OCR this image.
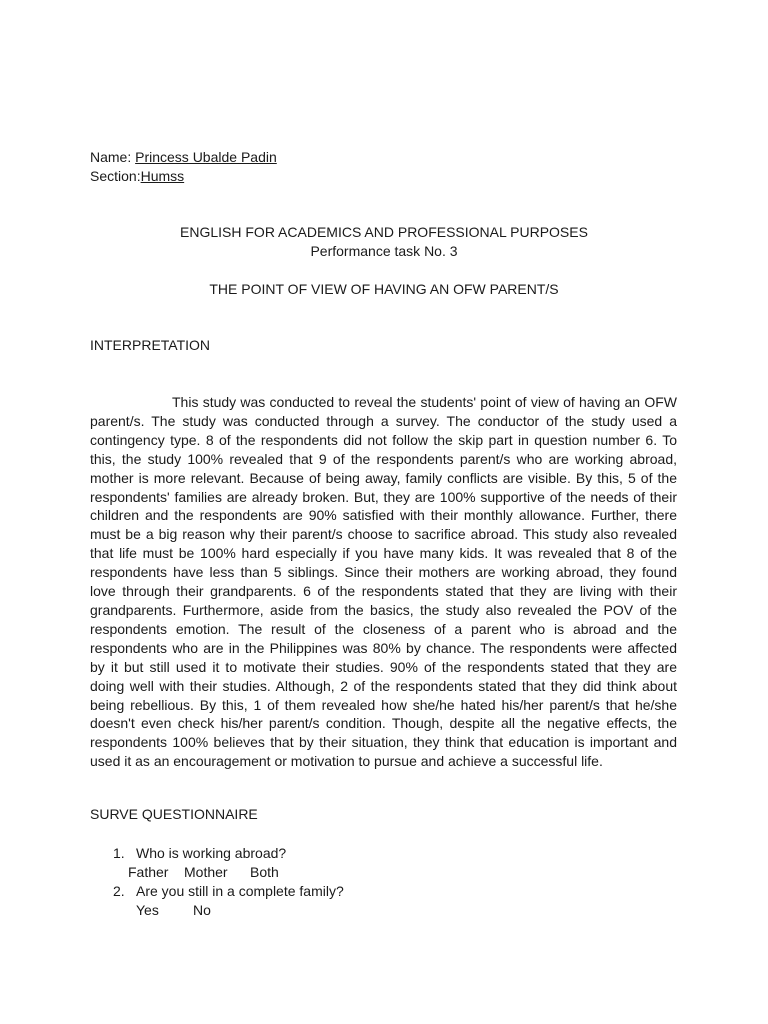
Name: Princess Ubalde Padin
Section:Humss
ENGLISH FOR ACADEMICS AND PROFESSIONAL PURPOSES
Performance task No. 3
THE POINT OF VIEW OF HAVING AN OFW PARENT/S
INTERPRETATION

This study was conducted to reveal the students' point of view of having an OFW parent/s. The study was conducted through a survey. The conductor of the study used a contingency type. 8 of the respondents did not follow the skip part in question number 6. To this, the study 100% revealed that 9 of the respondents parent/s who are working abroad, mother is more relevant. Because of being away, family conflicts are visible. By this, 5 of the respondents' families are already broken. But, they are 100% supportive of the needs of their children and the respondents are 90% satisfied with their monthly allowance. Further, there must be a big reason why their parent/s choose to sacrifice abroad. This study also revealed that life must be 100% hard especially if you have many kids. It was revealed that 8 of the respondents have less than 5 siblings. Since their mothers are working abroad, they found love through their grandparents. 6 of the respondents stated that they are living with their grandparents. Furthermore, aside from the basics, the study also revealed the POV of the respondents emotion. The result of the closeness of a parent who is abroad and the respondents who are in the Philippines was 80% by chance. The respondents were affected by it but still used it to motivate their studies. 90% of the respondents stated that they are doing well with their studies. Although, 2 of the respondents stated that they did think about being rebellious. By this, 1 of them revealed how she/he hated his/her parent/s that he/she doesn't even check his/her parent/s condition. Though, despite all the negative effects, the respondents 100% believes that by their situation, they think that education is important and used it as an encouragement or motivation to pursue and achieve a successful life.

SURVE QUESTIONNAIRE
1. Who is working abroad?
Father Mother Both
2. Are you still in a complete family?
Yes No
